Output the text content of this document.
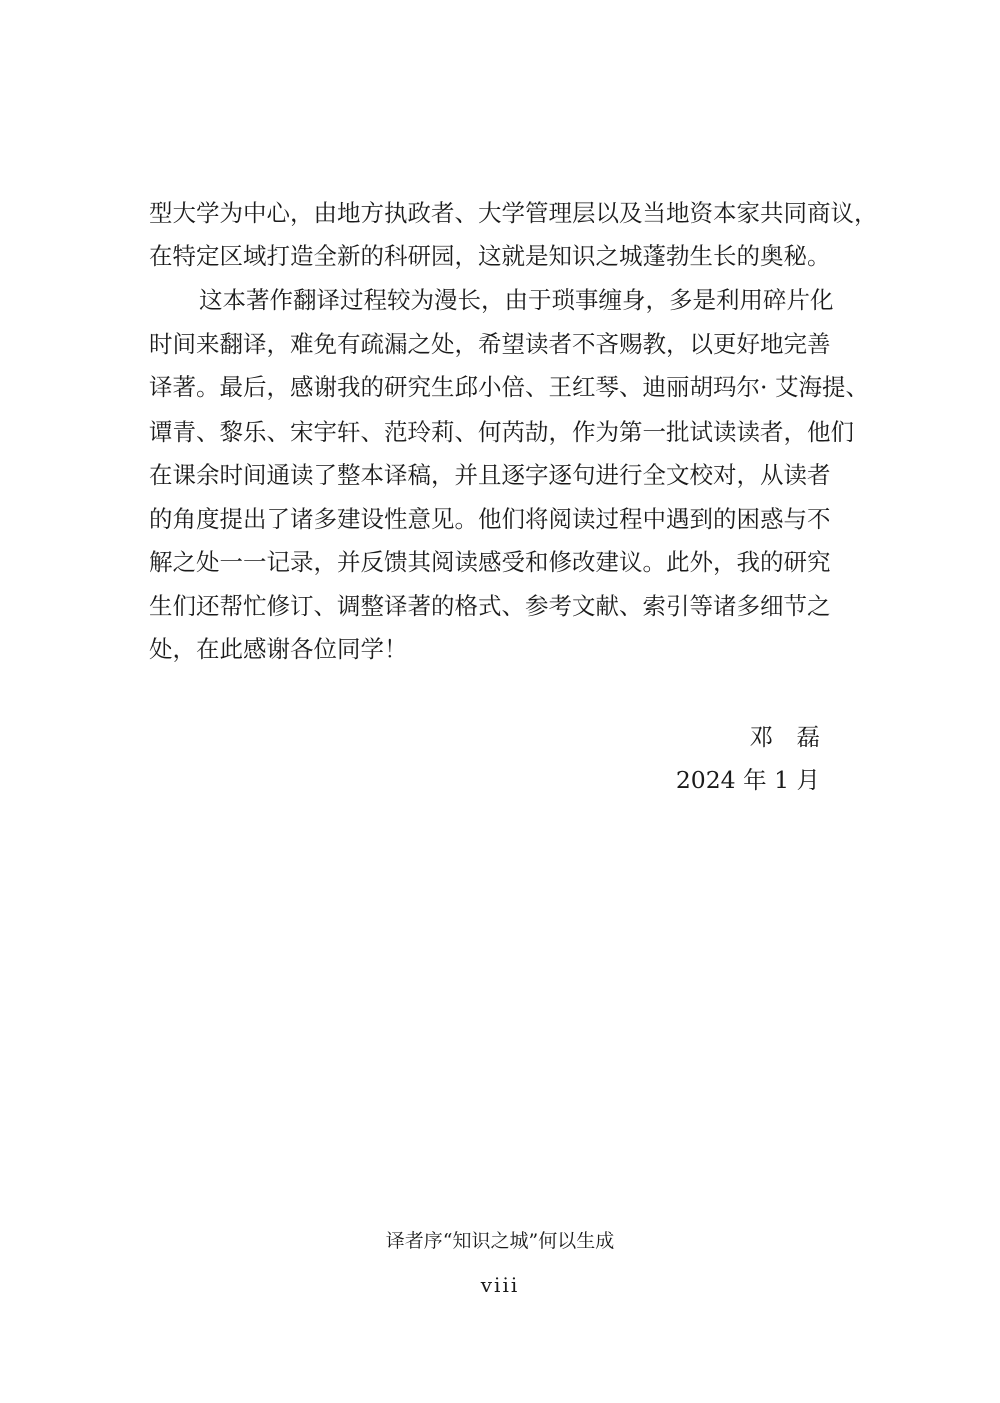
型大学为中心，由地方执政者、大学管理层以及当地资本家共同商议，
在特定区域打造全新的科研园，这就是知识之城蓬勃生长的奥秘。
这本著作翻译过程较为漫长，由于琐事缠身，多是利用碎片化
时间来翻译，难免有疏漏之处，希望读者不吝赐教，以更好地完善
译著。最后，感谢我的研究生邱小倍、王红琴、迪丽胡玛尔· 艾海提、
谭青、黎乐、宋宇轩、范玲莉、何芮劼，作为第一批试读读者，他们
在课余时间通读了整本译稿，并且逐字逐句进行全文校对，从读者
的角度提出了诸多建设性意见。他们将阅读过程中遇到的困惑与不
解之处一一记录，并反馈其阅读感受和修改建议。此外，我的研究
生们还帮忙修订、调整译著的格式、参考文献、索引等诸多细节之
处，在此感谢各位同学！
邓　磊
2024 年 1 月
译者序“知识之城”何以生成
viii
